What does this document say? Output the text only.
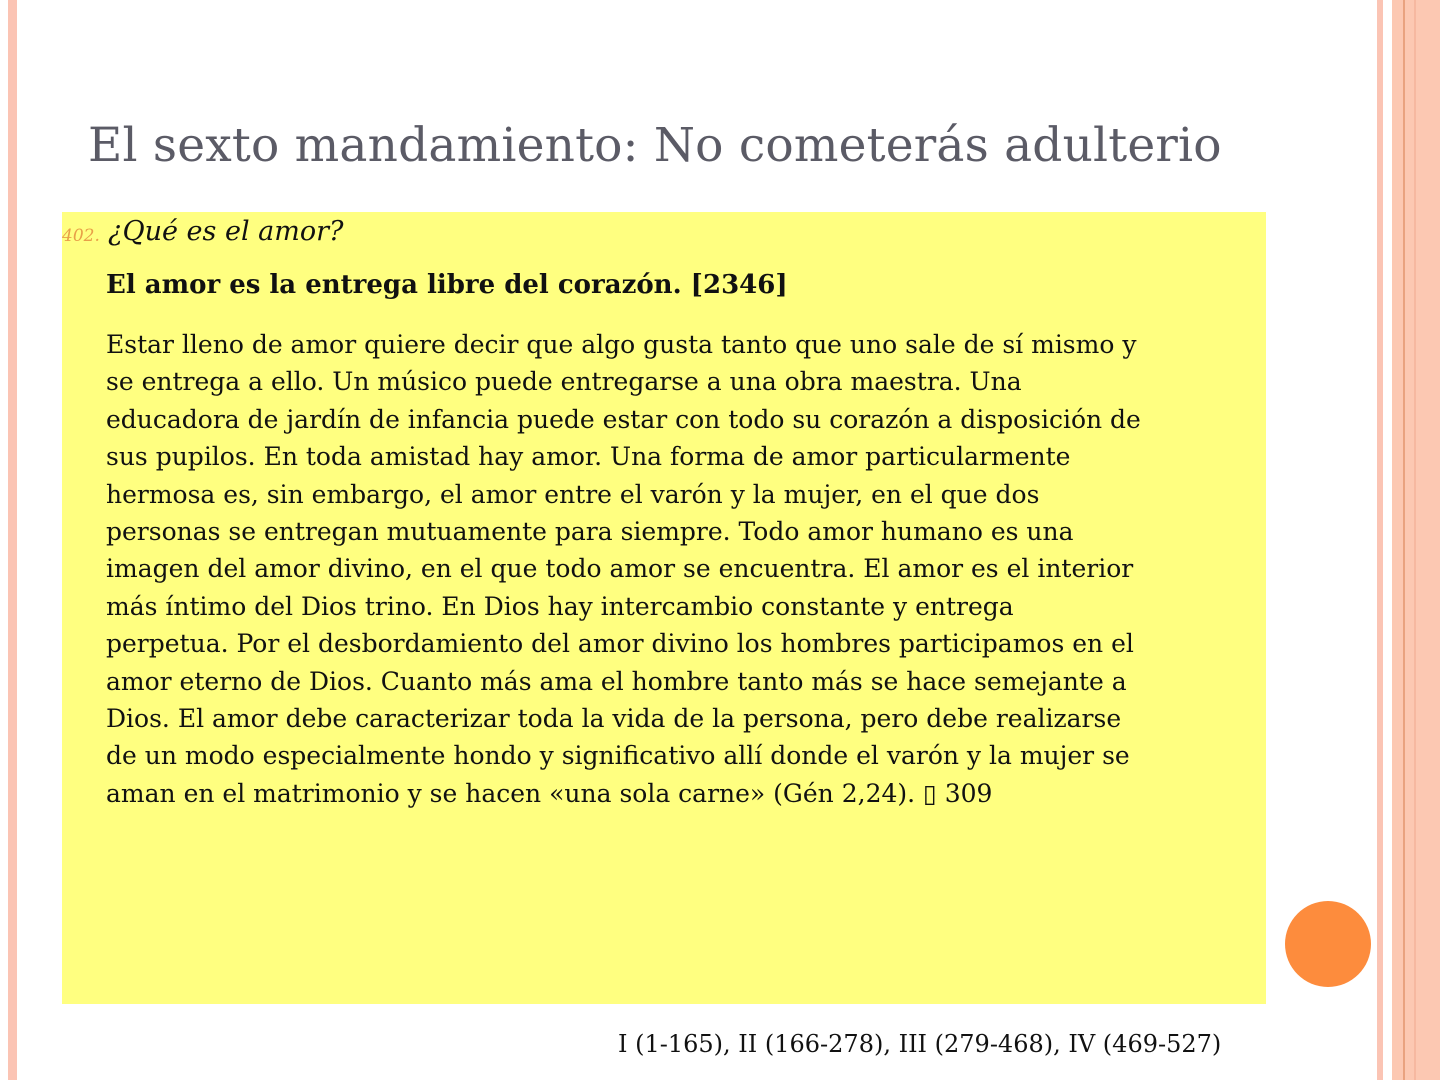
El sexto mandamiento: No cometerás adulterio
402. ¿Qué es el amor?
El amor es la entrega libre del corazón. [2346]
Estar lleno de amor quiere decir que algo gusta tanto que uno sale de sí mismo y
se entrega a ello. Un músico puede entregarse a una obra maestra. Una
educadora de jardín de infancia puede estar con todo su corazón a disposición de
sus pupilos. En toda amistad hay amor. Una forma de amor particularmente
hermosa es, sin embargo, el amor entre el varón y la mujer, en el que dos
personas se entregan mutuamente para siempre. Todo amor humano es una
imagen del amor divino, en el que todo amor se encuentra. El amor es el interior
más íntimo del Dios trino. En Dios hay intercambio constante y entrega
perpetua. Por el desbordamiento del amor divino los hombres participamos en el
amor eterno de Dios. Cuanto más ama el hombre tanto más se hace semejante a
Dios. El amor debe caracterizar toda la vida de la persona, pero debe realizarse
de un modo especialmente hondo y significativo allí donde el varón y la mujer se
aman en el matrimonio y se hacen «una sola carne» (Gén 2,24). ▯ 309
I (1-165), II (166-278), III (279-468), IV (469-527)
